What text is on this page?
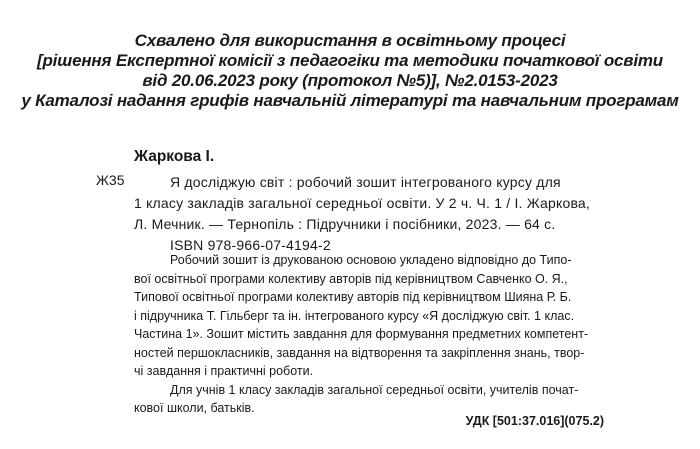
Схвалено для використання в освітньому процесі
[рішення Експертної комісії з педагогіки та методики початкової освіти
від 20.06.2023 року (протокол №5)], №2.0153-2023
у Каталозі надання грифів навчальній літературі та навчальним програмам
Жаркова І.
Ж35	Я досліджую світ : робочий зошит інтегрованого курсу для
1 класу закладів загальної середньої освіти. У 2 ч. Ч. 1 / І. Жаркова,
Л. Мечник. — Тернопіль : Підручники і посібники, 2023. — 64 с.
ISBN 978-966-07-4194-2
Робочий зошит із друкованою основою укладено відповідно до Типо-
вої освітньої програми колективу авторів під керівництвом Савченко О. Я.,
Типової освітньої програми колективу авторів під керівництвом Шияна Р. Б.
і підручника Т. Гільберг та ін. інтегрованого курсу «Я досліджую світ. 1 клас.
Частина 1». Зошит містить завдання для формування предметних компетент-
ностей першокласників, завдання на відтворення та закріплення знань, твор-
чі завдання і практичні роботи.
Для учнів 1 класу закладів загальної середньої освіти, учителів почат-
кової школи, батьків.
УДК [501:37.016](075.2)
